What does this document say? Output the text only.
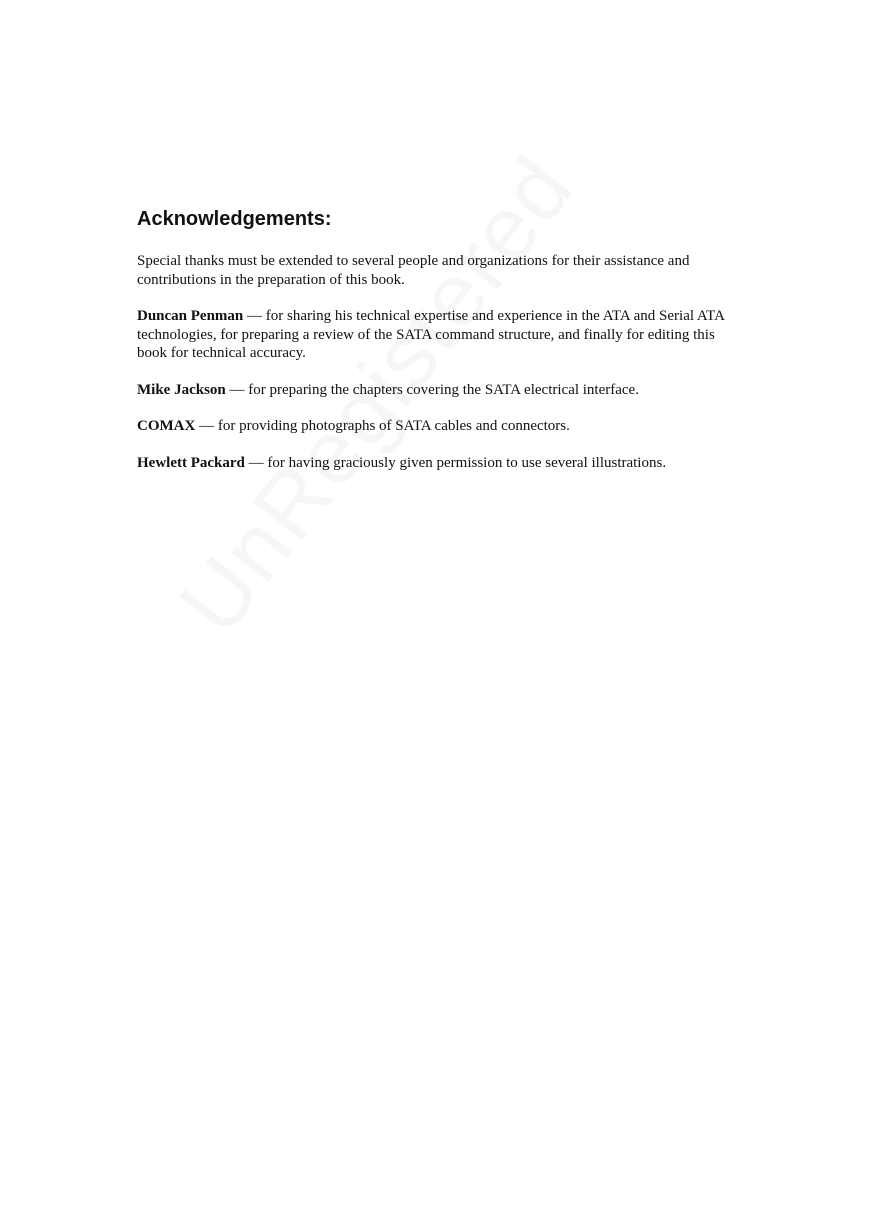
Acknowledgements:

Special thanks must be extended to several people and organizations for their assistance and contributions in the preparation of this book.

Duncan Penman — for sharing his technical expertise and experience in the ATA and Serial ATA technologies, for preparing a review of the SATA command structure, and finally for editing this book for technical accuracy.

Mike Jackson — for preparing the chapters covering the SATA electrical interface.

COMAX — for providing photographs of SATA cables and connectors.

Hewlett Packard — for having graciously given permission to use several illustrations.
